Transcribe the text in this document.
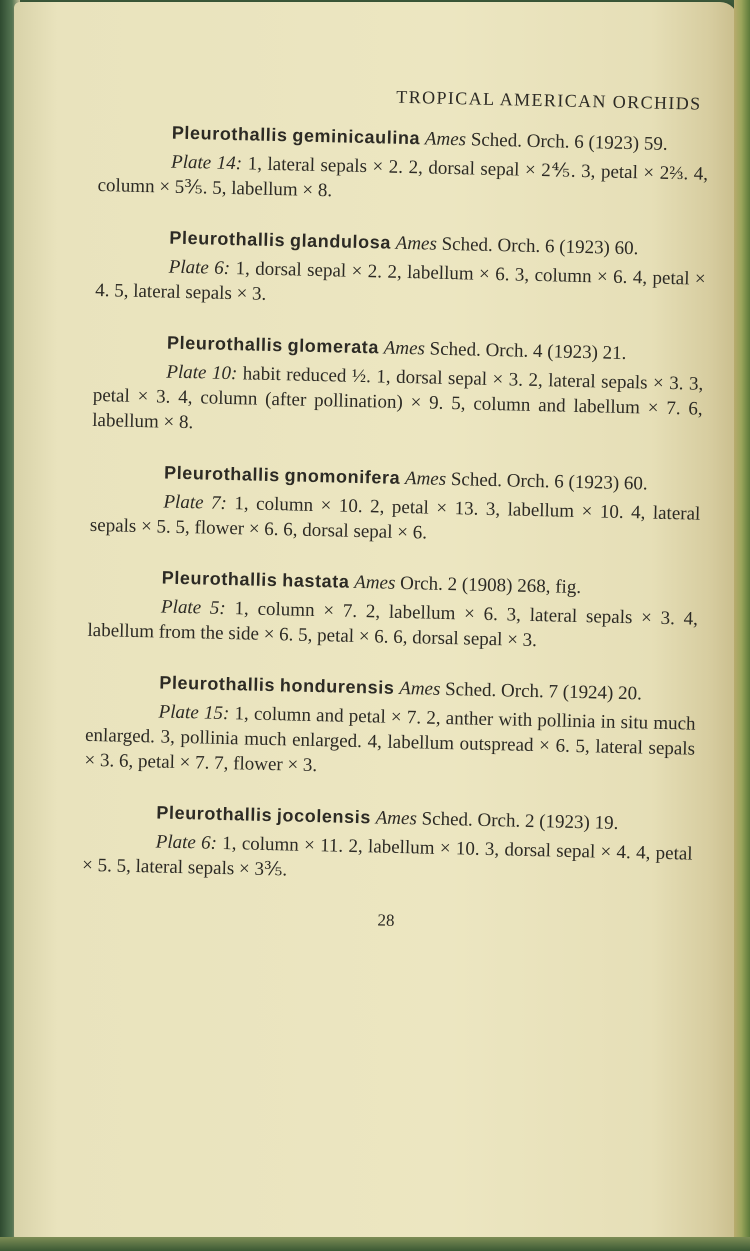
TROPICAL AMERICAN ORCHIDS

Pleurothallis geminicaulina Ames Sched. Orch. 6 (1923) 59.

Plate 14: 1, lateral sepals × 2. 2, dorsal sepal × 2⅘. 3, petal × 2⅔. 4, column × 5⅗. 5, labellum × 8.

Pleurothallis glandulosa Ames Sched. Orch. 6 (1923) 60.

Plate 6: 1, dorsal sepal × 2. 2, labellum × 6. 3, column × 6. 4, petal × 4. 5, lateral sepals × 3.

Pleurothallis glomerata Ames Sched. Orch. 4 (1923) 21.

Plate 10: habit reduced ½. 1, dorsal sepal × 3. 2, lateral sepals × 3. 3, petal × 3. 4, column (after pollination) × 9. 5, column and labellum × 7. 6, labellum × 8.

Pleurothallis gnomonifera Ames Sched. Orch. 6 (1923) 60.

Plate 7: 1, column × 10. 2, petal × 13. 3, labellum × 10. 4, lateral sepals × 5. 5, flower × 6. 6, dorsal sepal × 6.

Pleurothallis hastata Ames Orch. 2 (1908) 268, fig.

Plate 5: 1, column × 7. 2, labellum × 6. 3, lateral sepals × 3. 4, labellum from the side × 6. 5, petal × 6. 6, dorsal sepal × 3.

Pleurothallis hondurensis Ames Sched. Orch. 7 (1924) 20.

Plate 15: 1, column and petal × 7. 2, anther with pollinia in situ much enlarged. 3, pollinia much enlarged. 4, labellum outspread × 6. 5, lateral sepals × 3. 6, petal × 7. 7, flower × 3.

Pleurothallis jocolensis Ames Sched. Orch. 2 (1923) 19.

Plate 6: 1, column × 11. 2, labellum × 10. 3, dorsal sepal × 4. 4, petal × 5. 5, lateral sepals × 3⅗.

28
